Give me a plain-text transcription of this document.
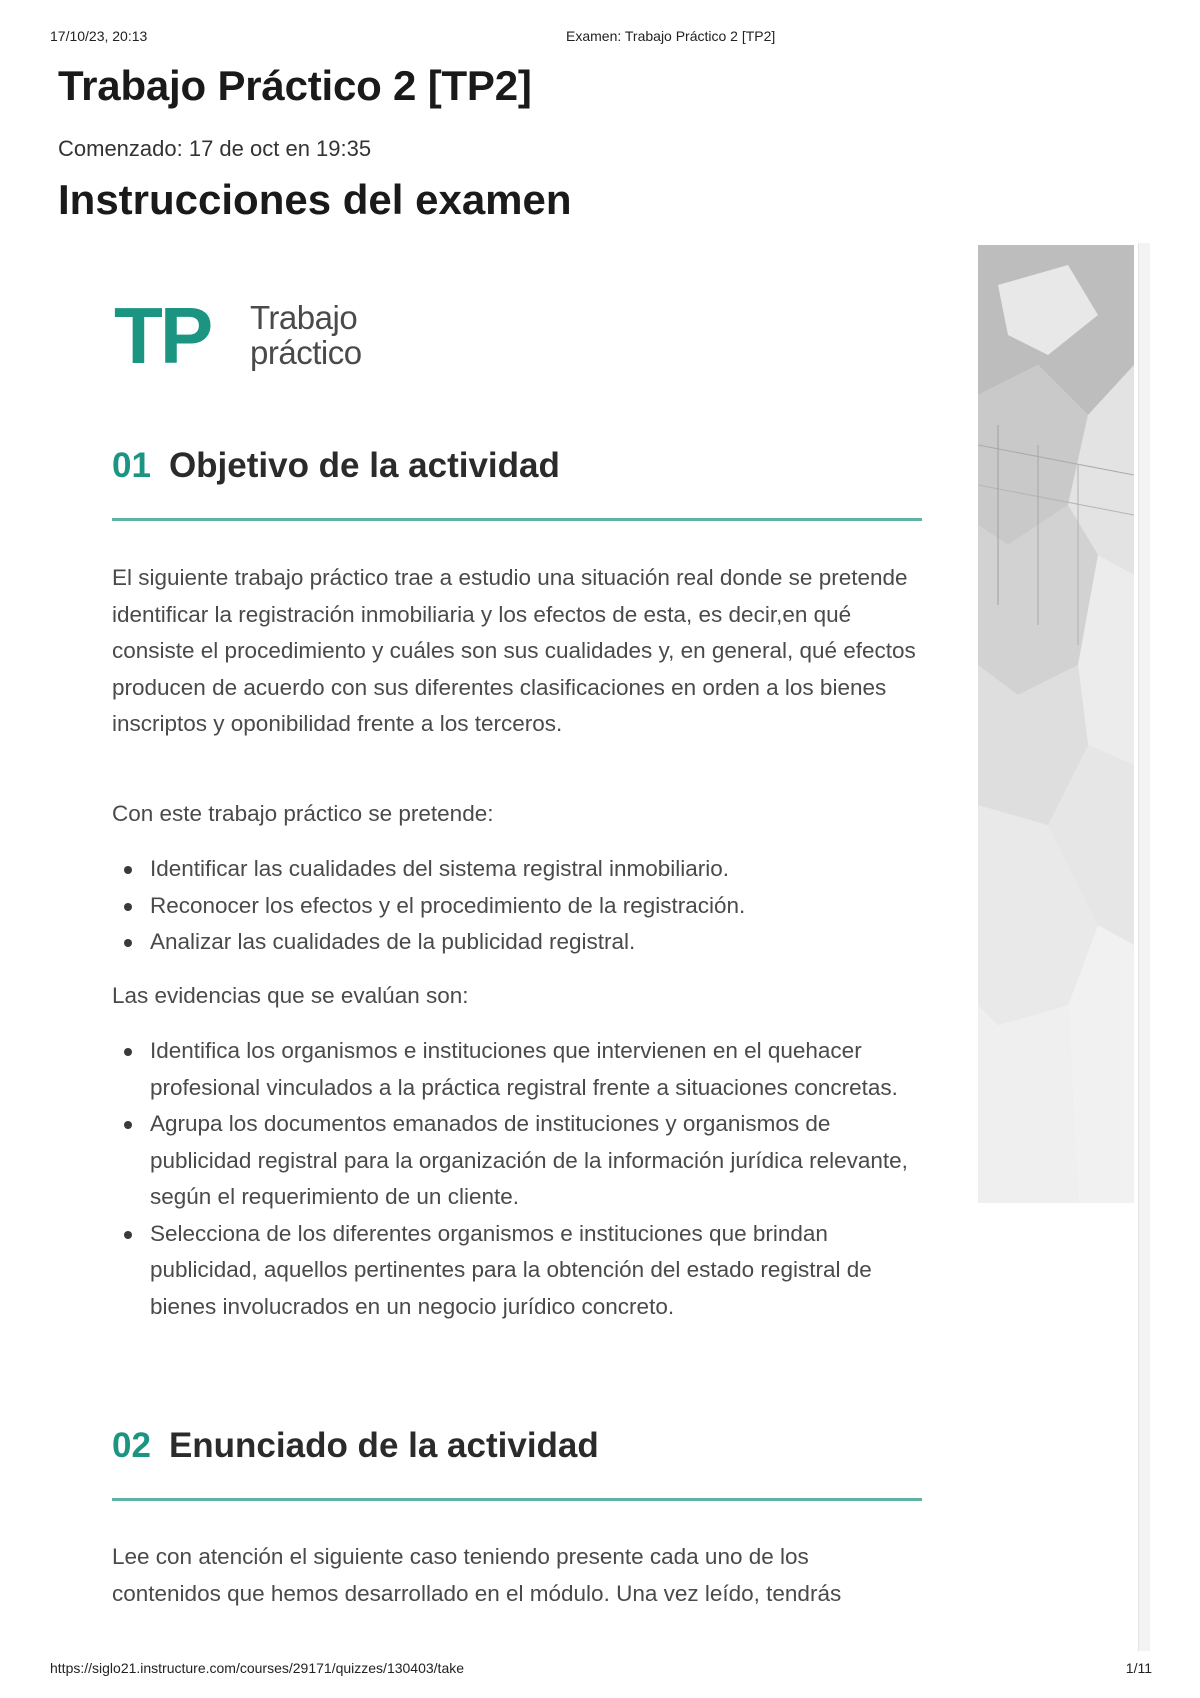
17/10/23, 20:13	Examen: Trabajo Práctico 2 [TP2]
Trabajo Práctico 2 [TP2]
Comenzado: 17 de oct en 19:35
Instrucciones del examen
TP Trabajo
práctico
01 Objetivo de la actividad

El siguiente trabajo práctico trae a estudio una situación real donde se pretende identificar la registración inmobiliaria y los efectos de esta, es decir,en qué consiste el procedimiento y cuáles son sus cualidades y, en general, qué efectos producen de acuerdo con sus diferentes clasificaciones en orden a los bienes inscriptos y oponibilidad frente a los terceros.

Con este trabajo práctico se pretende:

Identificar las cualidades del sistema registral inmobiliario.
Reconocer los efectos y el procedimiento de la registración.
Analizar las cualidades de la publicidad registral.

Las evidencias que se evalúan son:

Identifica los organismos e instituciones que intervienen en el quehacer profesional vinculados a la práctica registral frente a situaciones concretas.
Agrupa los documentos emanados de instituciones y organismos de publicidad registral para la organización de la información jurídica relevante, según el requerimiento de un cliente.
Selecciona de los diferentes organismos e instituciones que brindan publicidad, aquellos pertinentes para la obtención del estado registral de bienes involucrados en un negocio jurídico concreto.
02 Enunciado de la actividad

Lee con atención el siguiente caso teniendo presente cada uno de los contenidos que hemos desarrollado en el módulo. Una vez leído, tendrás

https://siglo21.instructure.com/courses/29171/quizzes/130403/take	1/11
